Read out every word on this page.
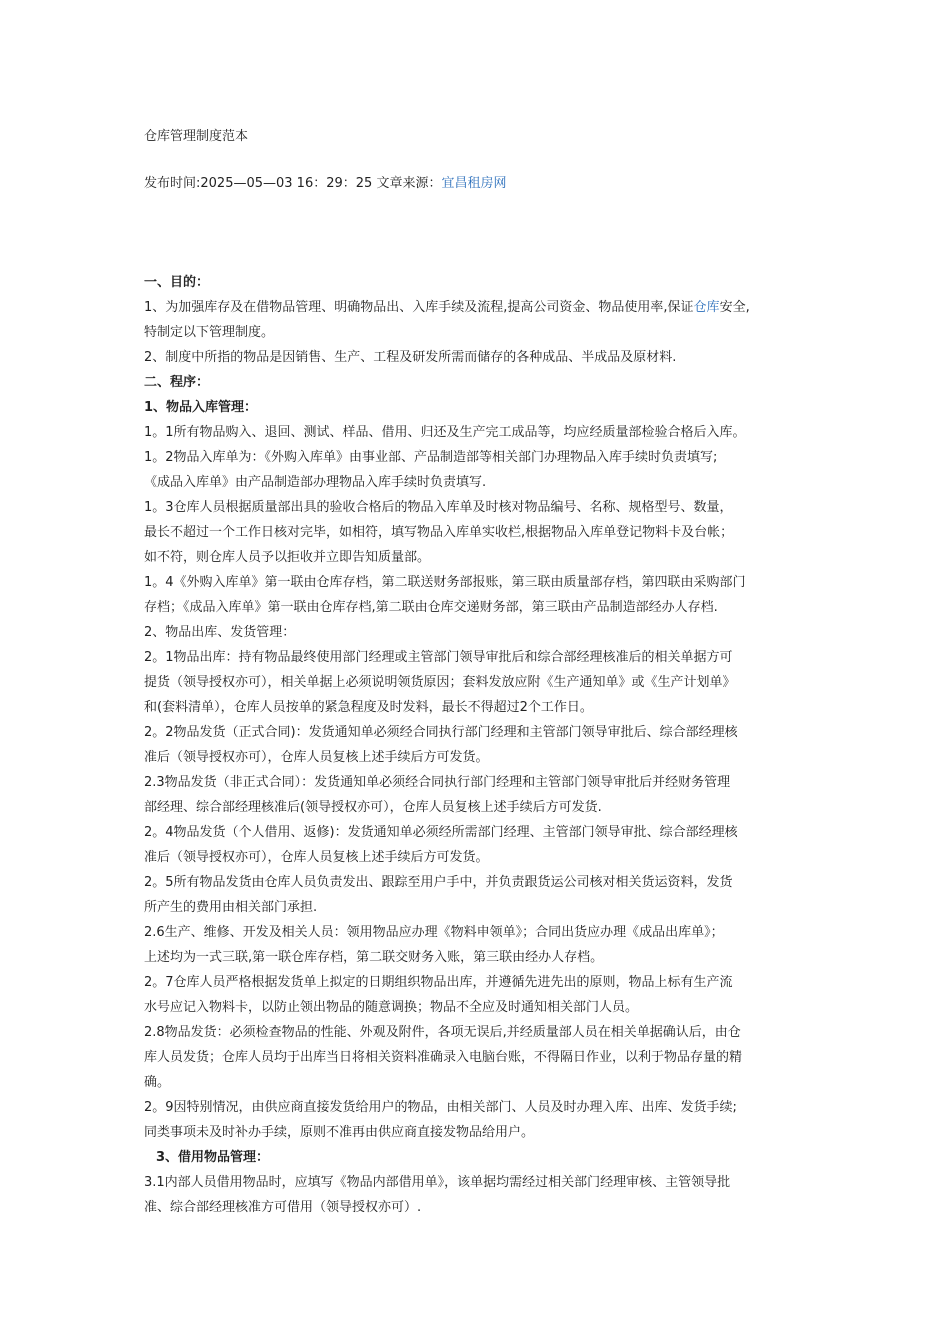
仓库管理制度范本
发布时间:2025—05—03 16：29：25 文章来源：宜昌租房网
一、目的：
1、为加强库存及在借物品管理、明确物品出、入库手续及流程,提高公司资金、物品使用率,保证仓库安全,
特制定以下管理制度。
2、制度中所指的物品是因销售、生产、工程及研发所需而储存的各种成品、半成品及原材料.
二、程序：
1、物品入库管理：
1。1所有物品购入、退回、测试、样品、借用、归还及生产完工成品等，均应经质量部检验合格后入库。
1。2物品入库单为：《外购入库单》由事业部、产品制造部等相关部门办理物品入库手续时负责填写;
《成品入库单》由产品制造部办理物品入库手续时负责填写.
1。3仓库人员根据质量部出具的验收合格后的物品入库单及时核对物品编号、名称、规格型号、数量，
最长不超过一个工作日核对完毕，如相符，填写物品入库单实收栏,根据物品入库单登记物料卡及台帐；
如不符，则仓库人员予以拒收并立即告知质量部。
1。4《外购入库单》第一联由仓库存档，第二联送财务部报账，第三联由质量部存档，第四联由采购部门
存档；《成品入库单》第一联由仓库存档,第二联由仓库交递财务部，第三联由产品制造部经办人存档.
2、物品出库、发货管理：
2。1物品出库：持有物品最终使用部门经理或主管部门领导审批后和综合部经理核准后的相关单据方可
提货（领导授权亦可），相关单据上必须说明领货原因；套料发放应附《生产通知单》或《生产计划单》
和(套料清单），仓库人员按单的紧急程度及时发料，最长不得超过2个工作日。
2。2物品发货（正式合同)：发货通知单必须经合同执行部门经理和主管部门领导审批后、综合部经理核
准后（领导授权亦可），仓库人员复核上述手续后方可发货。
2.3物品发货（非正式合同）：发货通知单必须经合同执行部门经理和主管部门领导审批后并经财务管理
部经理、综合部经理核准后(领导授权亦可），仓库人员复核上述手续后方可发货.
2。4物品发货（个人借用、返修)：发货通知单必须经所需部门经理、主管部门领导审批、综合部经理核
准后（领导授权亦可），仓库人员复核上述手续后方可发货。
2。5所有物品发货由仓库人员负责发出、跟踪至用户手中，并负责跟货运公司核对相关货运资料，发货
所产生的费用由相关部门承担.
2.6生产、维修、开发及相关人员：领用物品应办理《物料申领单》；合同出货应办理《成品出库单》；
上述均为一式三联,第一联仓库存档，第二联交财务入账，第三联由经办人存档。
2。7仓库人员严格根据发货单上拟定的日期组织物品出库，并遵循先进先出的原则，物品上标有生产流
水号应记入物料卡，以防止领出物品的随意调换；物品不全应及时通知相关部门人员。
2.8物品发货：必须检查物品的性能、外观及附件，各项无误后,并经质量部人员在相关单据确认后，由仓
库人员发货；仓库人员均于出库当日将相关资料准确录入电脑台账，不得隔日作业，以利于物品存量的精
确。
2。9因特别情况，由供应商直接发货给用户的物品，由相关部门、人员及时办理入库、出库、发货手续;
同类事项未及时补办手续，原则不准再由供应商直接发物品给用户。
3、借用物品管理：
3.1内部人员借用物品时，应填写《物品内部借用单》，该单据均需经过相关部门经理审核、主管领导批
准、综合部经理核准方可借用（领导授权亦可）.
